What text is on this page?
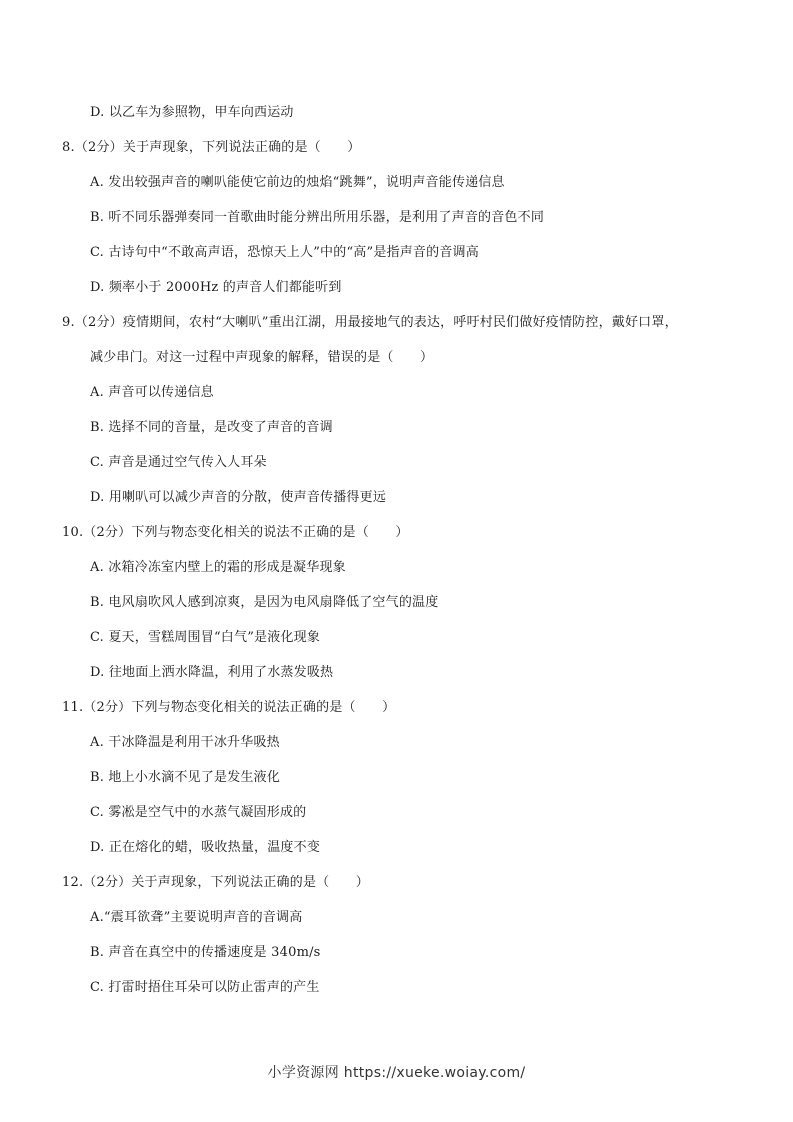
D. 以乙车为参照物，甲车向西运动
8.（2分）关于声现象，下列说法正确的是（　　）
A. 发出较强声音的喇叭能使它前边的烛焰“跳舞”，说明声音能传递信息
B. 听不同乐器弹奏同一首歌曲时能分辨出所用乐器，是利用了声音的音色不同
C. 古诗句中“不敢高声语，恐惊天上人”中的“高”是指声音的音调高
D. 频率小于 2000Hz 的声音人们都能听到
9.（2分）疫情期间，农村“大喇叭”重出江湖，用最接地气的表达，呼吁村民们做好疫情防控，戴好口罩，
减少串门。对这一过程中声现象的解释，错误的是（　　）
A. 声音可以传递信息
B. 选择不同的音量，是改变了声音的音调
C. 声音是通过空气传入人耳朵
D. 用喇叭可以减少声音的分散，使声音传播得更远
10.（2分）下列与物态变化相关的说法不正确的是（　　）
A. 冰箱冷冻室内壁上的霜的形成是凝华现象
B. 电风扇吹风人感到凉爽，是因为电风扇降低了空气的温度
C. 夏天，雪糕周围冒“白气”是液化现象
D. 往地面上洒水降温，利用了水蒸发吸热
11.（2分）下列与物态变化相关的说法正确的是（　　）
A. 干冰降温是利用干冰升华吸热
B. 地上小水滴不见了是发生液化
C. 雾凇是空气中的水蒸气凝固形成的
D. 正在熔化的蜡，吸收热量，温度不变
12.（2分）关于声现象，下列说法正确的是（　　）
A.“震耳欲聋”主要说明声音的音调高
B. 声音在真空中的传播速度是 340m/s
C. 打雷时捂住耳朵可以防止雷声的产生
小学资源网 https://xueke.woiay.com/
